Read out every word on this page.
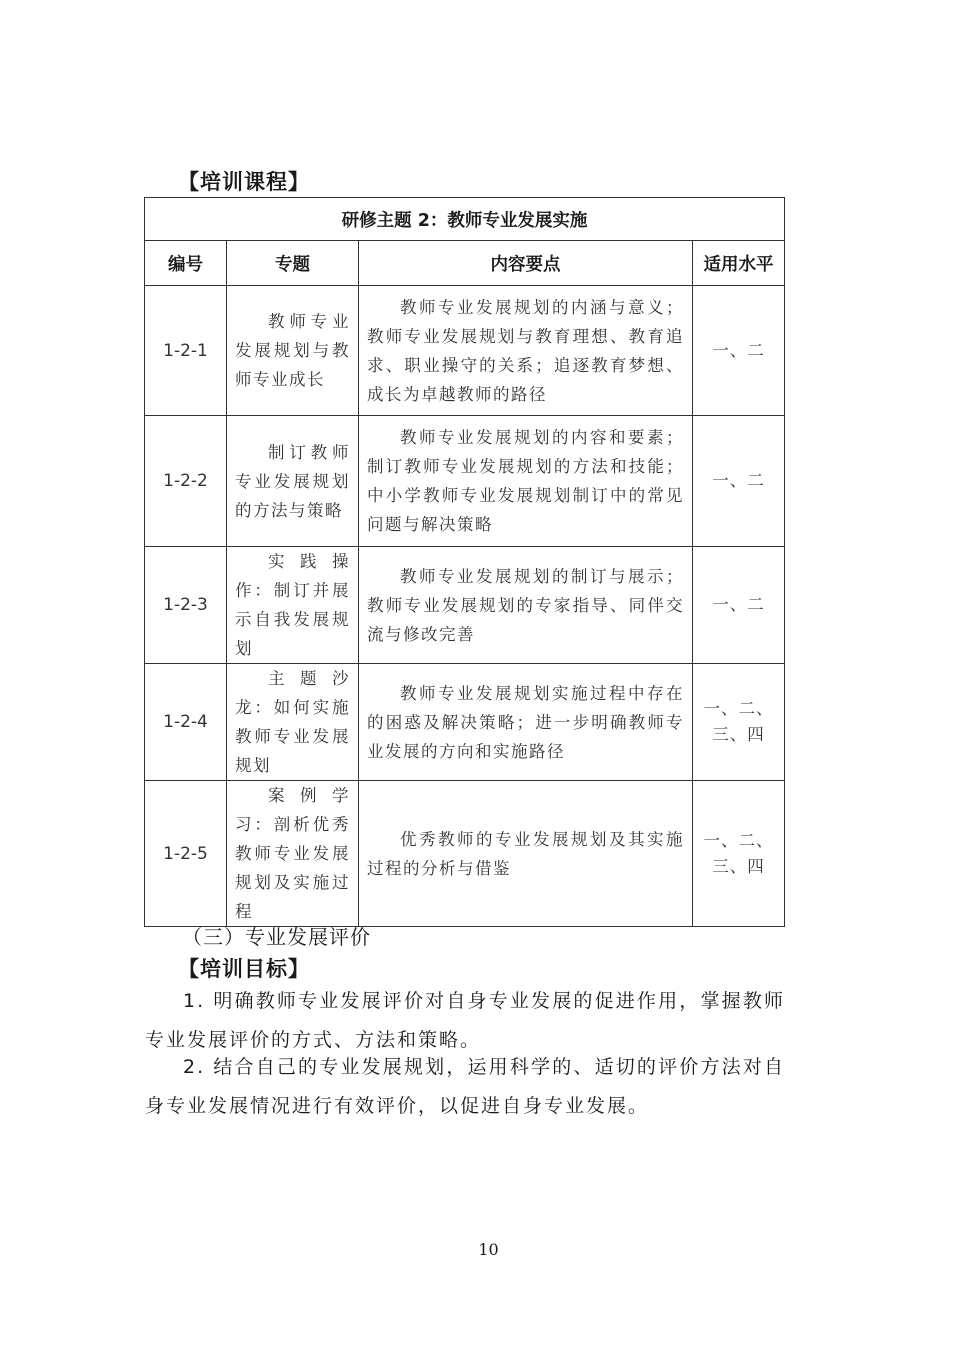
【培训课程】
研修主题 2：教师专业发展实施			
编号	专题	内容要点	适用水平
1-2-1	教师专业发展规划与教师专业成长	教师专业发展规划的内涵与意义；教师专业发展规划与教育理想、教育追求、职业操守的关系；追逐教育梦想、成长为卓越教师的路径	一、二
1-2-2	制订教师专业发展规划的方法与策略	教师专业发展规划的内容和要素；制订教师专业发展规划的方法和技能；中小学教师专业发展规划制订中的常见问题与解决策略	一、二
1-2-3	实践操作：制订并展示自我发展规划	教师专业发展规划的制订与展示；教师专业发展规划的专家指导、同伴交流与修改完善	一、二
1-2-4	主题沙龙：如何实施教师专业发展规划	教师专业发展规划实施过程中存在的困惑及解决策略；进一步明确教师专业发展的方向和实施路径	一、二、三、四
1-2-5	案例学习：剖析优秀教师专业发展规划及实施过程	优秀教师的专业发展规划及其实施过程的分析与借鉴	一、二、三、四
（三）专业发展评价
【培训目标】
1. 明确教师专业发展评价对自身专业发展的促进作用，掌握教师专业发展评价的方式、方法和策略。
2. 结合自己的专业发展规划，运用科学的、适切的评价方法对自身专业发展情况进行有效评价，以促进自身专业发展。
10
